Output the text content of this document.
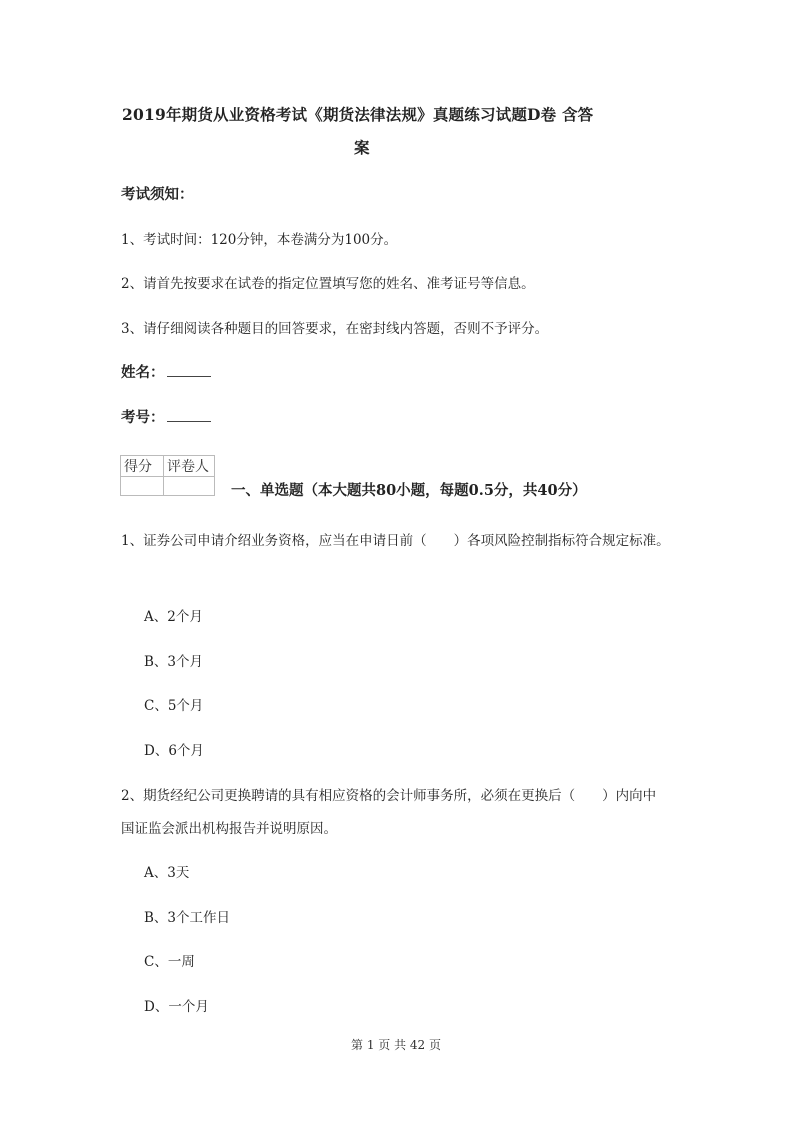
2019年期货从业资格考试《期货法律法规》真题练习试题D卷 含答
案
考试须知：
1、考试时间：120分钟，本卷满分为100分。
2、请首先按要求在试卷的指定位置填写您的姓名、准考证号等信息。
3、请仔细阅读各种题目的回答要求，在密封线内答题，否则不予评分。
姓名：
考号：
得分	评卷人

一、单选题（本大题共80小题，每题0.5分，共40分）
1、证券公司申请介绍业务资格，应当在申请日前（　　）各项风险控制指标符合规定标准。
A、2个月
B、3个月
C、5个月
D、6个月
2、期货经纪公司更换聘请的具有相应资格的会计师事务所，必须在更换后（　　）内向中
国证监会派出机构报告并说明原因。
A、3天
B、3个工作日
C、一周
D、一个月
第 1 页 共 42 页
